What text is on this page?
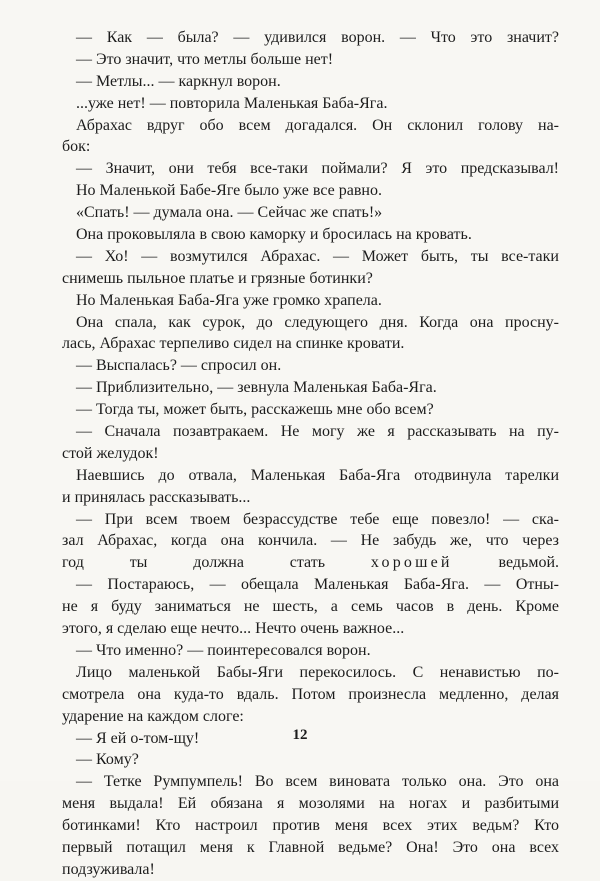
— Как — была? — удивился ворон. — Что это значит?
— Это значит, что метлы больше нет!
— Метлы... — каркнул ворон.
...уже нет! — повторила Маленькая Баба-Яга.
Абрахас вдруг обо всем догадался. Он склонил голову на-
бок:
— Значит, они тебя все-таки поймали? Я это предсказывал!
Но Маленькой Бабе-Яге было уже все равно.
«Спать! — думала она. — Сейчас же спать!»
Она проковыляла в свою каморку и бросилась на кровать.
— Хо! — возмутился Абрахас. — Может быть, ты все-таки
снимешь пыльное платье и грязные ботинки?
Но Маленькая Баба-Яга уже громко храпела.
Она спала, как сурок, до следующего дня. Когда она просну-
лась, Абрахас терпеливо сидел на спинке кровати.
— Выспалась? — спросил он.
— Приблизительно, — зевнула Маленькая Баба-Яга.
— Тогда ты, может быть, расскажешь мне обо всем?
— Сначала позавтракаем. Не могу же я рассказывать на пу-
стой желудок!
Наевшись до отвала, Маленькая Баба-Яга отодвинула тарелки
и принялась рассказывать...
— При всем твоем безрассудстве тебе еще повезло! — ска-
зал Абрахас, когда она кончила. — Не забудь же, что через
год ты должна стать	хорошей	ведьмой.
— Постараюсь, — обещала Маленькая Баба-Яга. — Отны-
не я буду заниматься не шесть, а семь часов в день. Кроме
этого, я сделаю еще нечто... Нечто очень важное...
— Что именно? — поинтересовался ворон.
Лицо маленькой Бабы-Яги перекосилось. С ненавистью по-
смотрела она куда-то вдаль. Потом произнесла медленно, делая
ударение на каждом слоге:
— Я ей о-том-щу!
— Кому?
— Тетке Румпумпель! Во всем виновата только она. Это она
меня выдала! Ей обязана я мозолями на ногах и разбитыми
ботинками! Кто настроил против меня всех этих ведьм? Кто
первый потащил меня к Главной ведьме? Она! Это она всех
подзуживала!
12
